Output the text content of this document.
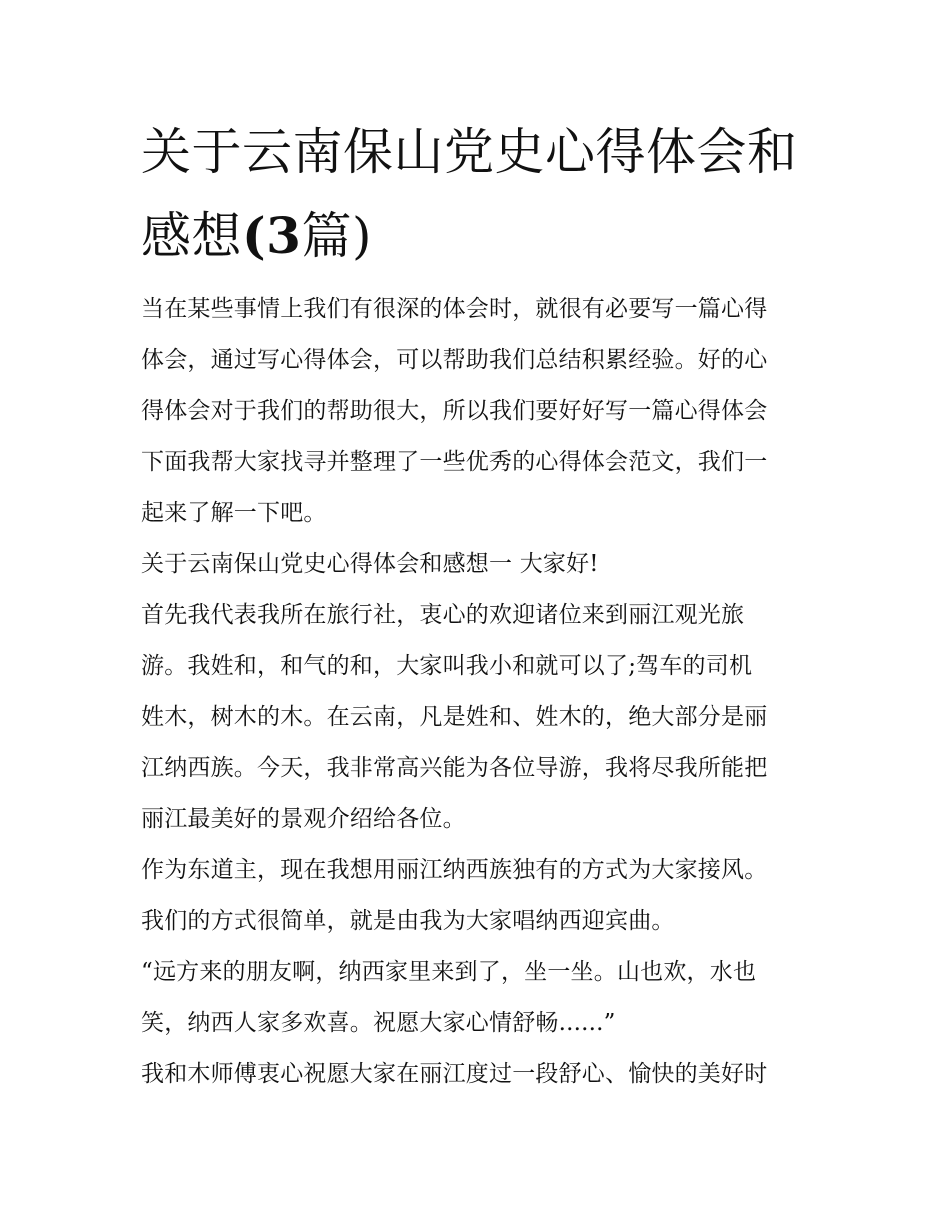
关于云南保山党史心得体会和
感想(3篇)
当在某些事情上我们有很深的体会时，就很有必要写一篇心得
体会，通过写心得体会，可以帮助我们总结积累经验。好的心
得体会对于我们的帮助很大，所以我们要好好写一篇心得体会
下面我帮大家找寻并整理了一些优秀的心得体会范文，我们一
起来了解一下吧。
关于云南保山党史心得体会和感想一 大家好!
首先我代表我所在旅行社，衷心的欢迎诸位来到丽江观光旅
游。我姓和，和气的和，大家叫我小和就可以了;驾车的司机
姓木，树木的木。在云南，凡是姓和、姓木的，绝大部分是丽
江纳西族。今天，我非常高兴能为各位导游，我将尽我所能把
丽江最美好的景观介绍给各位。
作为东道主，现在我想用丽江纳西族独有的方式为大家接风。
我们的方式很简单，就是由我为大家唱纳西迎宾曲。
“远方来的朋友啊，纳西家里来到了，坐一坐。山也欢，水也
笑，纳西人家多欢喜。祝愿大家心情舒畅......”
我和木师傅衷心祝愿大家在丽江度过一段舒心、愉快的美好时
